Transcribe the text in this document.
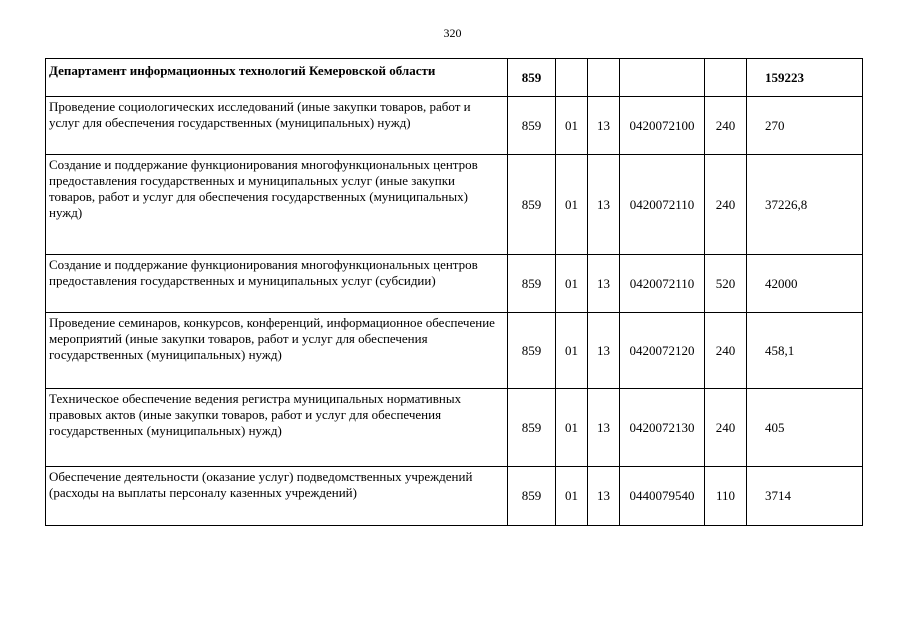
320
Департамент информационных технологий Кемеровской области	859					159223
Проведение социологических исследований (иные закупки товаров, работ и услуг для обеспечения государственных (муниципальных) нужд)	859	01	13	0420072100	240	270
Создание и поддержание функционирования многофункциональных центров предоставления государственных и муниципальных услуг (иные закупки товаров, работ и услуг для обеспечения государственных (муниципальных) нужд)	859	01	13	0420072110	240	37226,8
Создание и поддержание функционирования многофункциональных центров предоставления государственных и муниципальных услуг (субсидии)	859	01	13	0420072110	520	42000
Проведение семинаров, конкурсов, конференций, информационное обеспечение мероприятий (иные закупки товаров, работ и услуг для обеспечения государственных (муниципальных) нужд)	859	01	13	0420072120	240	458,1
Техническое обеспечение ведения регистра муниципальных нормативных правовых актов (иные закупки товаров, работ и услуг для обеспечения государственных (муниципальных) нужд)	859	01	13	0420072130	240	405
Обеспечение деятельности (оказание услуг) подведомственных учреждений (расходы на выплаты персоналу казенных учреждений)	859	01	13	0440079540	110	3714
